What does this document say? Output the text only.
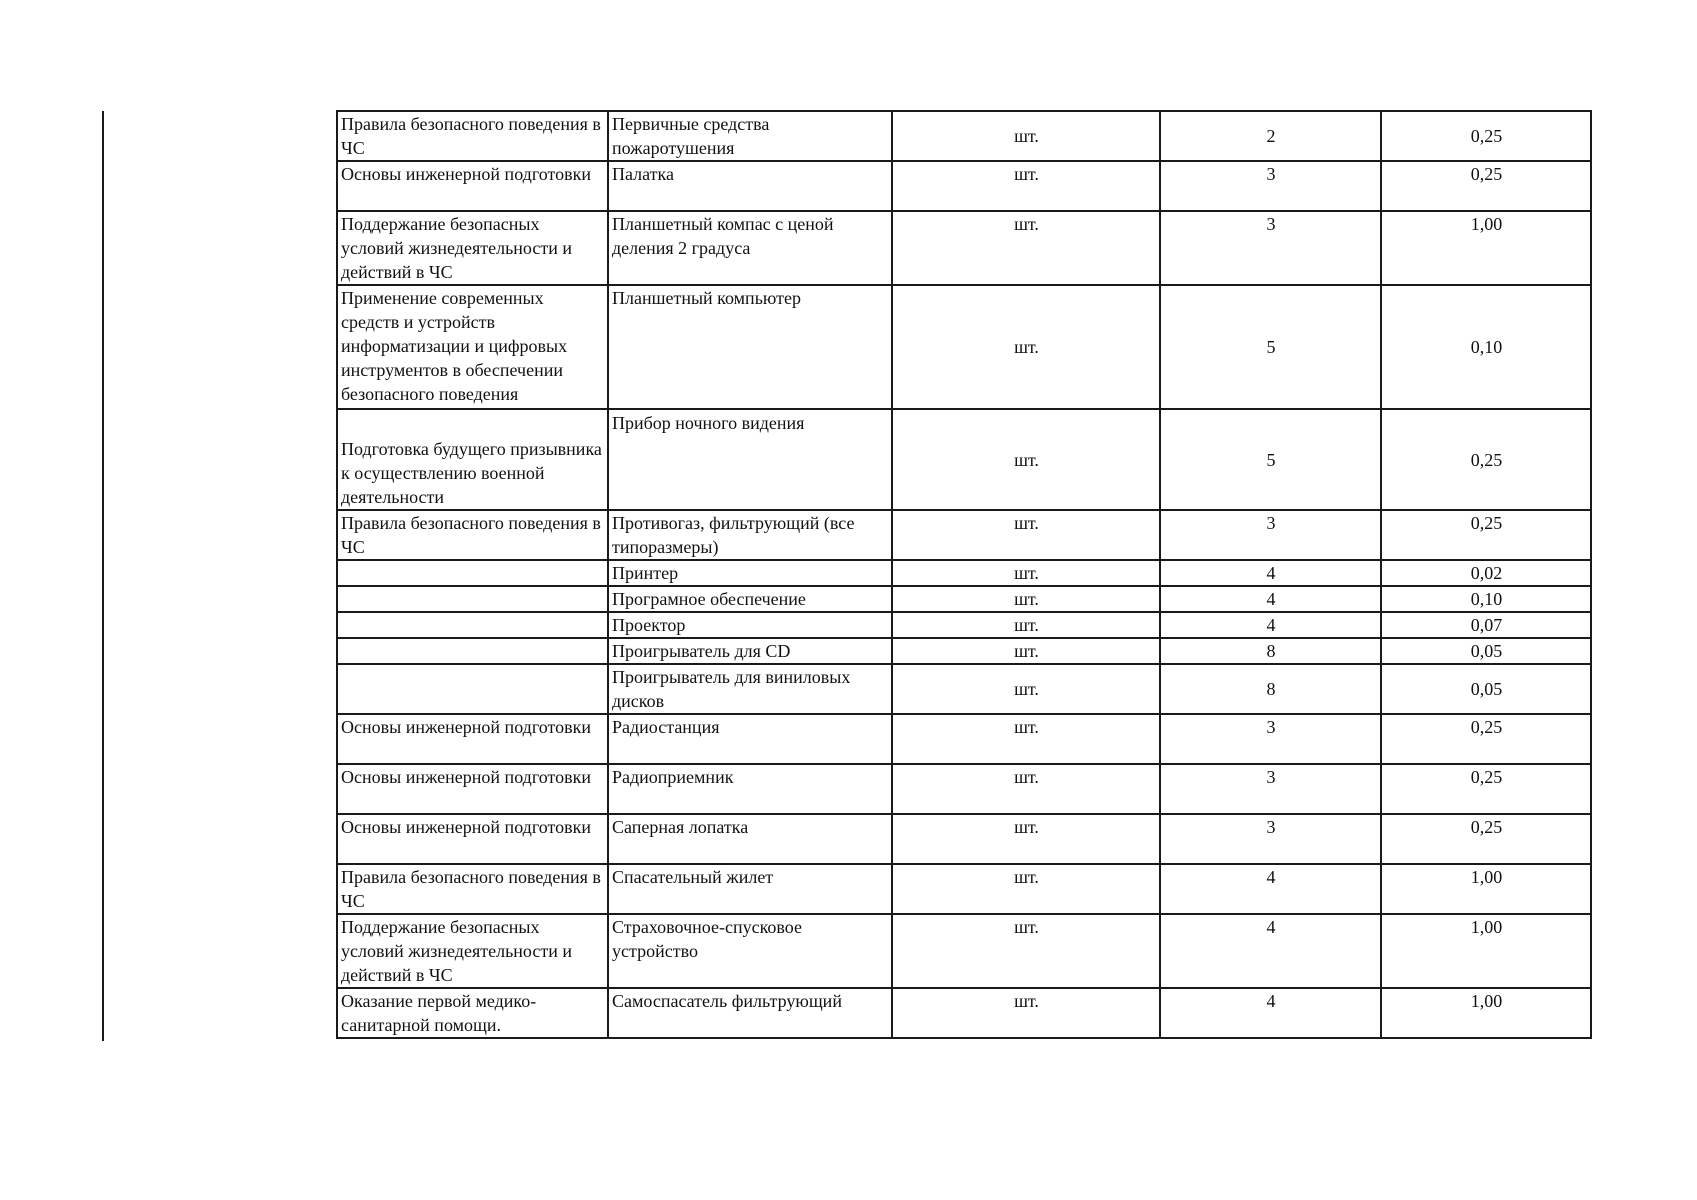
Правила безопасного поведения в ЧС	Первичные средства пожаротушения	шт.	2	0,25
Основы инженерной подготовки	Палатка	шт.	3	0,25
Поддержание безопасных условий жизнедеятельности и действий в ЧС	Планшетный компас с ценой деления 2 градуса	шт.	3	1,00
Применение современных средств и устройств информатизации и цифровых инструментов в обеспечении безопасного поведения	Планшетный компьютер	шт.	5	0,10
Подготовка будущего призывника к осуществлению военной деятельности	Прибор ночного видения	шт.	5	0,25
Правила безопасного поведения в ЧС	Противогаз, фильтрующий (все типоразмеры)	шт.	3	0,25
	Принтер	шт.	4	0,02
	Програмное обеспечение	шт.	4	0,10
	Проектор	шт.	4	0,07
	Проигрыватель для CD	шт.	8	0,05
	Проигрыватель для виниловых дисков	шт.	8	0,05
Основы инженерной подготовки	Радиостанция	шт.	3	0,25
Основы инженерной подготовки	Радиоприемник	шт.	3	0,25
Основы инженерной подготовки	Саперная лопатка	шт.	3	0,25
Правила безопасного поведения в ЧС	Спасательный жилет	шт.	4	1,00
Поддержание безопасных условий жизнедеятельности и действий в ЧС	Страховочное-спусковое устройство	шт.	4	1,00
Оказание первой медико-санитарной помощи.	Самоспасатель фильтрующий	шт.	4	1,00
